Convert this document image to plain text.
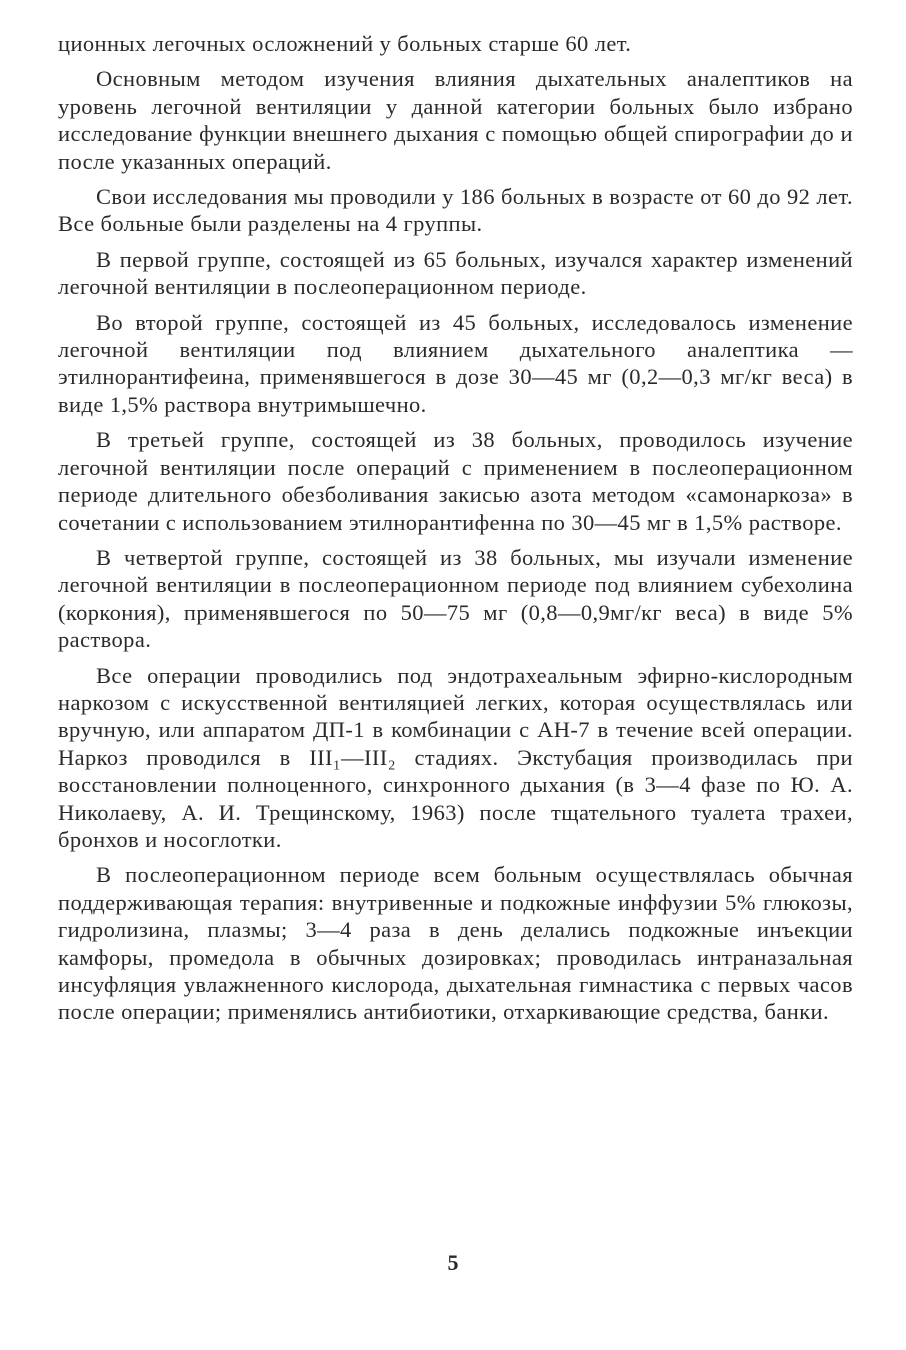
ционных легочных осложнений у больных старше 60 лет.

Основным методом изучения влияния дыхательных аналептиков на уровень легочной вентиляции у данной категории больных было избрано исследование функции внешнего дыхания с помощью общей спирографии до и после указанных операций.

Свои исследования мы проводили у 186 больных в возрасте от 60 до 92 лет. Все больные были разделены на 4 группы.

В первой группе, состоящей из 65 больных, изучался характер изменений легочной вентиляции в послеоперационном периоде.

Во второй группе, состоящей из 45 больных, исследовалось изменение легочной вентиляции под влиянием дыхательного аналептика — этилнорантифеина, применявшегося в дозе 30—45 мг (0,2—0,3 мг/кг веса) в виде 1,5% раствора внутримышечно.

В третьей группе, состоящей из 38 больных, проводилось изучение легочной вентиляции после операций с применением в послеоперационном периоде длительного обезболивания закисью азота методом «самонаркоза» в сочетании с использованием этилнорантифенна по 30—45 мг в 1,5% растворе.

В четвертой группе, состоящей из 38 больных, мы изучали изменение легочной вентиляции в послеоперационном периоде под влиянием субехолина (коркония), применявшегося по 50—75 мг (0,8—0,9мг/кг веса) в виде 5% раствора.

Все операции проводились под эндотрахеальным эфирно-кислородным наркозом с искусственной вентиляцией легких, которая осуществлялась или вручную, или аппаратом ДП-1 в комбинации с АН-7 в течение всей операции. Наркоз проводился в III₁—III₂ стадиях. Экстубация производилась при восстановлении полноценного, синхронного дыхания (в 3—4 фазе по Ю. А. Николаеву, А. И. Трещинскому, 1963) после тщательного туалета трахеи, бронхов и носоглотки.

В послеоперационном периоде всем больным осуществлялась обычная поддерживающая терапия: внутривенные и подкожные инффузии 5% глюкозы, гидролизина, плазмы; 3—4 раза в день делались подкожные инъекции камфоры, промедола в обычных дозировках; проводилась интраназальная инсуфляция увлажненного кислорода, дыхательная гимнастика с первых часов после операции; применялись антибиотики, отхаркивающие средства, банки.

5
